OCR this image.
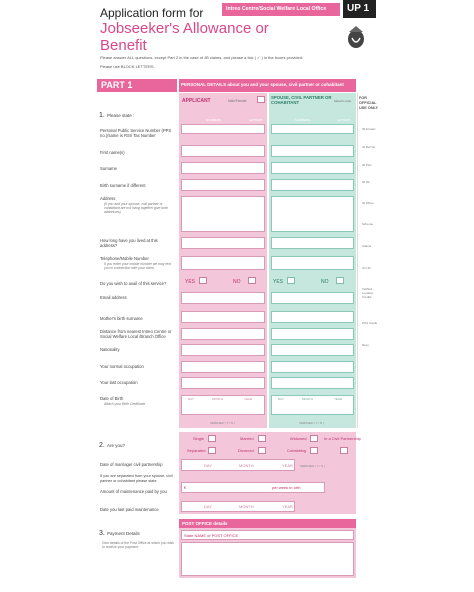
Application form for
Jobseeker's Allowance or
Benefit
Intreo Centre/Social Welfare Local Office UP 1
Please answer ALL questions, except Part 2 in the case of JB claims, and please a tick ( ✓ ) in the boxes provided.
Please use BLOCK LETTERS.
PART 1	PERSONAL DETAILS about you and your spouse, civil partner or cohabitant
APPLICANT	Male/Female
SPOUSE, CIVIL PARTNER OR COHABITANT	Male/Female
FOR OFFICIAL USE ONLY
1. Please state :
NUMBERS	LETTERS	NUMBERS	LETTERS
Personal Public Service Number (PPS no.)/same is RSI/ Tax Number
First name(s)
Surname
Birth surname if different
Address
(If you and your spouse, civil partner or cohabitant are not living together give both addresses)
How long have you lived at this address?
Telephone/Mobile Number
If you enter your mobile number we may text you in connection with your claim.
Do you wish to avail of this service?	YES	NO	YES	NO
Email address
Mother's birth surname
Distance from nearest Intreo Centre or Social Welfare Local /Branch Office
Nationality
Your normal occupation
Your last occupation
Date of Birth
Attach your Birth Certificate
DAY	MONTH	YEAR	DAY	MONTH	YEAR
VERIFIED ( Y / N )	VERIFIED ( Y / N )
ID Answer
ID Ref No.
ID Pics
ID Ok
ID When
Scheme
Claims
Unr ID
Verified Location Credits
PCS Cards
Resy
2. Are you?
Single	Married	Widowed	In a Civil Partnership
Separated	Divorced	Cohabiting
Date of marriage/ civil partnership	DAY	MONTH	YEAR VERIFIED ( Y / N )
If you are separated from your spouse, civil partner or cohabitant please state
Amount of maintenance paid by you
€	per week in orth
Date you last paid maintenance
DAY	MONTH	YEAR
3. Payment Details
Give details of the Post Office at which you wish to receive your payment.
POST OFFICE details
State NAME of POST OFFICE
